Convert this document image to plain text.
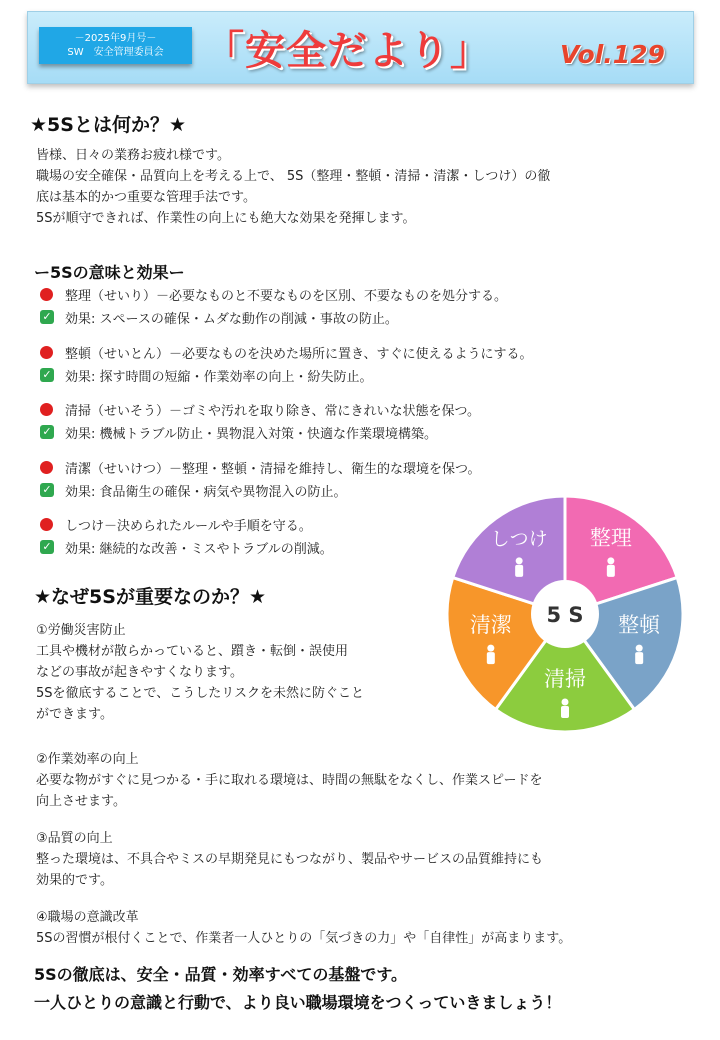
－2025年9月号－
SW　安全管理委員会	「安全だより」	Vol.129
★5Sとは何か？★
皆様、日々の業務お疲れ様です。
職場の安全確保・品質向上を考える上で、 5S（整理・整頓・清掃・清潔・しつけ）の徹
底は基本的かつ重要な管理手法です。
5Sが順守できれば、作業性の向上にも絶大な効果を発揮します。
ー5Sの意味と効果ー
整理（せいり）－必要なものと不要なものを区別、不要なものを処分する。
✓ 効果: スペースの確保・ムダな動作の削減・事故の防止。
整頓（せいとん）－必要なものを決めた場所に置き、すぐに使えるようにする。
✓ 効果: 探す時間の短縮・作業効率の向上・紛失防止。
清掃（せいそう）－ゴミや汚れを取り除き、常にきれいな状態を保つ。
✓ 効果: 機械トラブル防止・異物混入対策・快適な作業環境構築。
清潔（せいけつ）－整理・整頓・清掃を維持し、衛生的な環境を保つ。
✓ 効果: 食品衛生の確保・病気や異物混入の防止。
しつけ－決められたルールや手順を守る。
✓ 効果: 継続的な改善・ミスやトラブルの削減。	整理
整頓
清掃
清潔
しつけ
5 S
★なぜ5Sが重要なのか？★
①労働災害防止
工具や機材が散らかっていると、躓き・転倒・誤使用
などの事故が起きやすくなります。
5Sを徹底することで、こうしたリスクを未然に防ぐこと
ができます。
②作業効率の向上
必要な物がすぐに見つかる・手に取れる環境は、時間の無駄をなくし、作業スピードを
向上させます。
③品質の向上
整った環境は、不具合やミスの早期発見にもつながり、製品やサービスの品質維持にも
効果的です。
④職場の意識改革
5Sの習慣が根付くことで、作業者一人ひとりの「気づきの力」や「自律性」が高まります。
5Sの徹底は、安全・品質・効率すべての基盤です。
一人ひとりの意識と行動で、より良い職場環境をつくっていきましょう！
